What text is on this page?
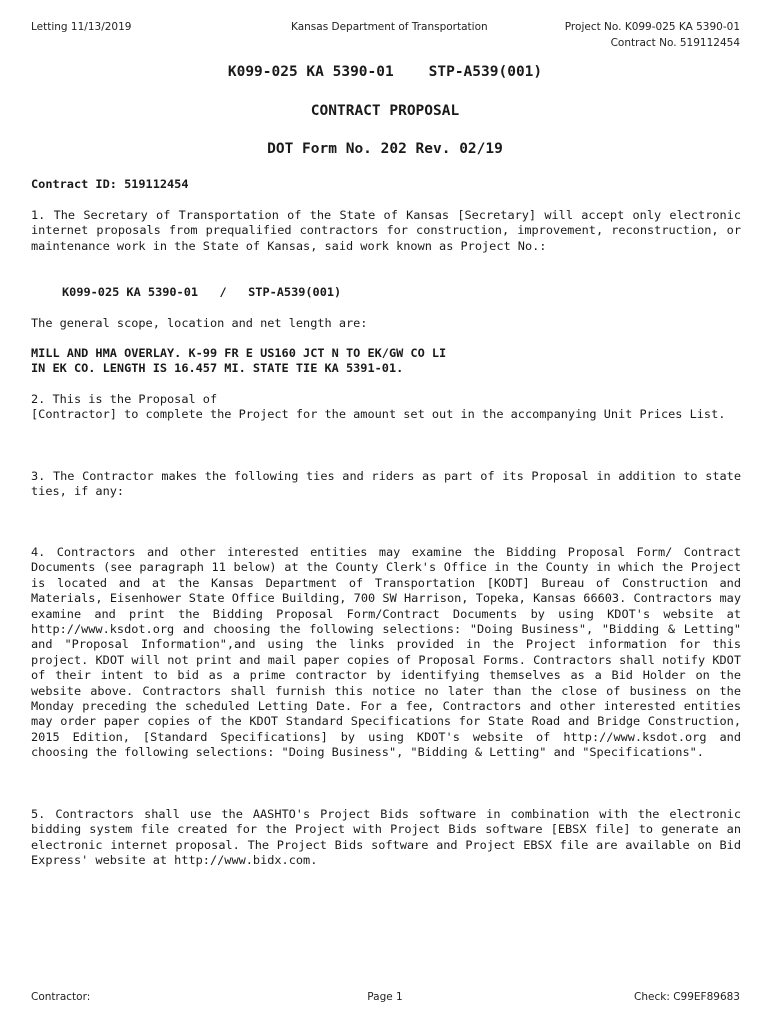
Letting 11/13/2019	Kansas Department of Transportation	Project No. K099-025 KA 5390-01
Contract No. 519112454
K099-025 KA 5390-01    STP-A539(001)
CONTRACT PROPOSAL
DOT Form No. 202 Rev. 02/19
Contract ID: 519112454
1. The Secretary of Transportation of the State of Kansas [Secretary] will accept only electronic internet proposals from prequalified contractors for construction, improvement, reconstruction, or maintenance work in the State of Kansas, said work known as Project No.:
K099-025 KA 5390-01   /   STP-A539(001)
The general scope, location and net length are:
MILL AND HMA OVERLAY. K-99 FR E US160 JCT N TO EK/GW CO LI
IN EK CO. LENGTH IS 16.457 MI. STATE TIE KA 5391-01.
2. This is the Proposal of
[Contractor] to complete the Project for the amount set out in the accompanying Unit Prices List.
3. The Contractor makes the following ties and riders as part of its Proposal in addition to state ties, if any:
4. Contractors and other interested entities may examine the Bidding Proposal Form/ Contract Documents (see paragraph 11 below) at the County Clerk's Office in the County in which the Project is located and at the Kansas Department of Transportation [KODT] Bureau of Construction and Materials, Eisenhower State Office Building, 700 SW Harrison, Topeka, Kansas 66603. Contractors may examine and print the Bidding Proposal Form/Contract Documents by using KDOT's website at http://www.ksdot.org and choosing the following selections: "Doing Business", "Bidding & Letting" and "Proposal Information",and using the links provided in the Project information for this project. KDOT will not print and mail paper copies of Proposal Forms. Contractors shall notify KDOT of their intent to bid as a prime contractor by identifying themselves as a Bid Holder on the website above. Contractors shall furnish this notice no later than the close of business on the Monday preceding the scheduled Letting Date. For a fee, Contractors and other interested entities may order paper copies of the KDOT Standard Specifications for State Road and Bridge Construction, 2015 Edition, [Standard Specifications] by using KDOT's website of http://www.ksdot.org and choosing the following selections: "Doing Business", "Bidding & Letting" and "Specifications".
5. Contractors shall use the AASHTO's Project Bids software in combination with the electronic bidding system file created for the Project with Project Bids software [EBSX file] to generate an electronic internet proposal. The Project Bids software and Project EBSX file are available on Bid Express' website at http://www.bidx.com.
Contractor:	Page 1	Check: C99EF89683
